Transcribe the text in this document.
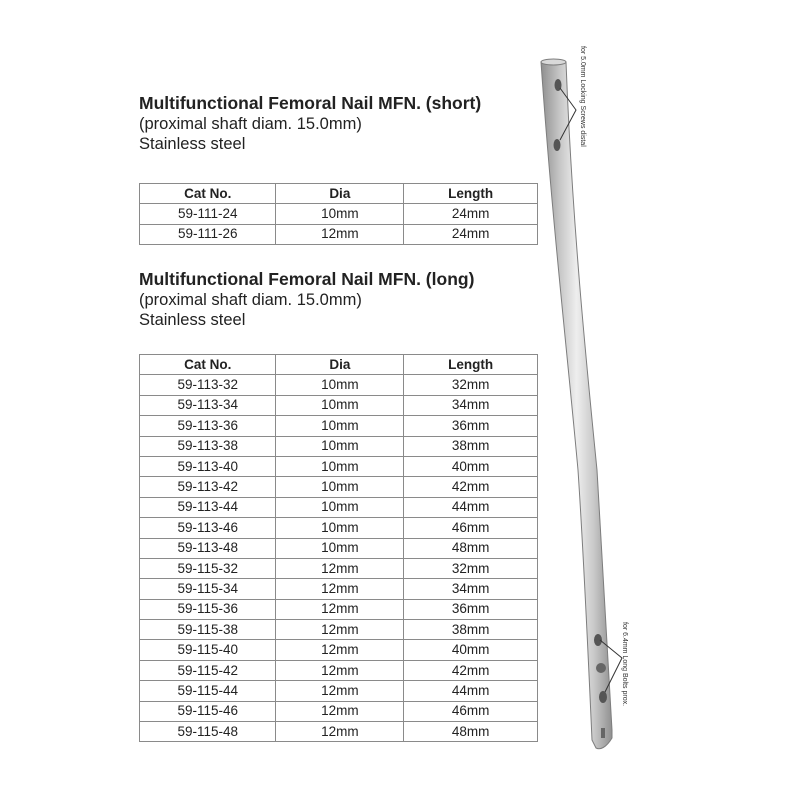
Multifunctional Femoral Nail MFN. (short)
(proximal shaft diam. 15.0mm)
Stainless steel
Cat No.	Dia	Length
59-111-24	10mm	24mm
59-111-26	12mm	24mm
Multifunctional Femoral Nail MFN. (long)
(proximal shaft diam. 15.0mm)
Stainless steel
Cat No.	Dia	Length
59-113-32	10mm	32mm
59-113-34	10mm	34mm
59-113-36	10mm	36mm
59-113-38	10mm	38mm
59-113-40	10mm	40mm
59-113-42	10mm	42mm
59-113-44	10mm	44mm
59-113-46	10mm	46mm
59-113-48	10mm	48mm
59-115-32	12mm	32mm
59-115-34	12mm	34mm
59-115-36	12mm	36mm
59-115-38	12mm	38mm
59-115-40	12mm	40mm
59-115-42	12mm	42mm
59-115-44	12mm	44mm
59-115-46	12mm	46mm
59-115-48	12mm	48mm
for 5.0mm Locking Screws distal
for 6.4mm Long Bolts prox.
